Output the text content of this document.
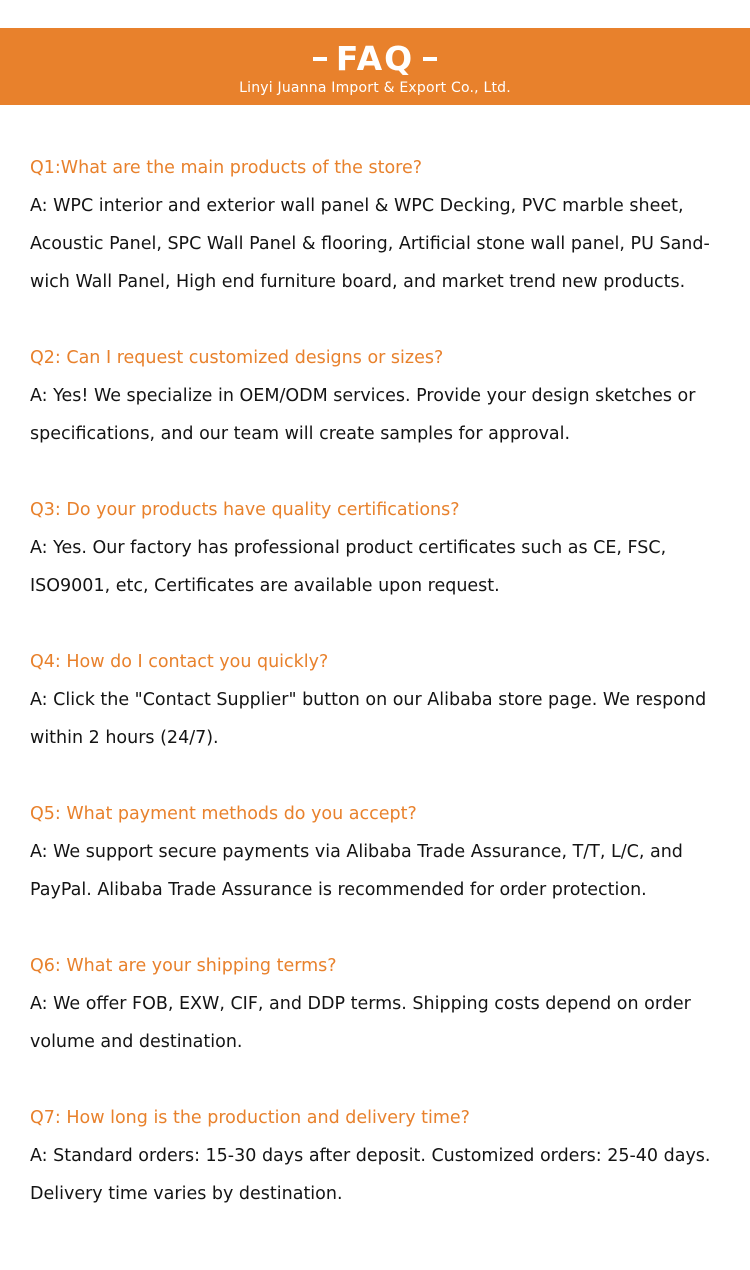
FAQ
Linyi Juanna Import & Export Co., Ltd.
Q1:What are the main products of the store?
A: WPC interior and exterior wall panel & WPC Decking, PVC marble sheet, Acoustic Panel, SPC Wall Panel & flooring, Artificial stone wall panel, PU Sand-wich Wall Panel, High end furniture board, and market trend new products.
Q2: Can I request customized designs or sizes?
A: Yes! We specialize in OEM/ODM services. Provide your design sketches or specifications, and our team will create samples for approval.
Q3: Do your products have quality certifications?
A: Yes. Our factory has professional product certificates such as CE, FSC, ISO9001, etc, Certificates are available upon request.
Q4: How do I contact you quickly?
A: Click the "Contact Supplier" button on our Alibaba store page. We respond within 2 hours (24/7).
Q5: What payment methods do you accept?
A: We support secure payments via Alibaba Trade Assurance, T/T, L/C, and PayPal. Alibaba Trade Assurance is recommended for order protection.
Q6: What are your shipping terms?
A: We offer FOB, EXW, CIF, and DDP terms. Shipping costs depend on order volume and destination.
Q7: How long is the production and delivery time?
A: Standard orders: 15-30 days after deposit. Customized orders: 25-40 days. Delivery time varies by destination.
